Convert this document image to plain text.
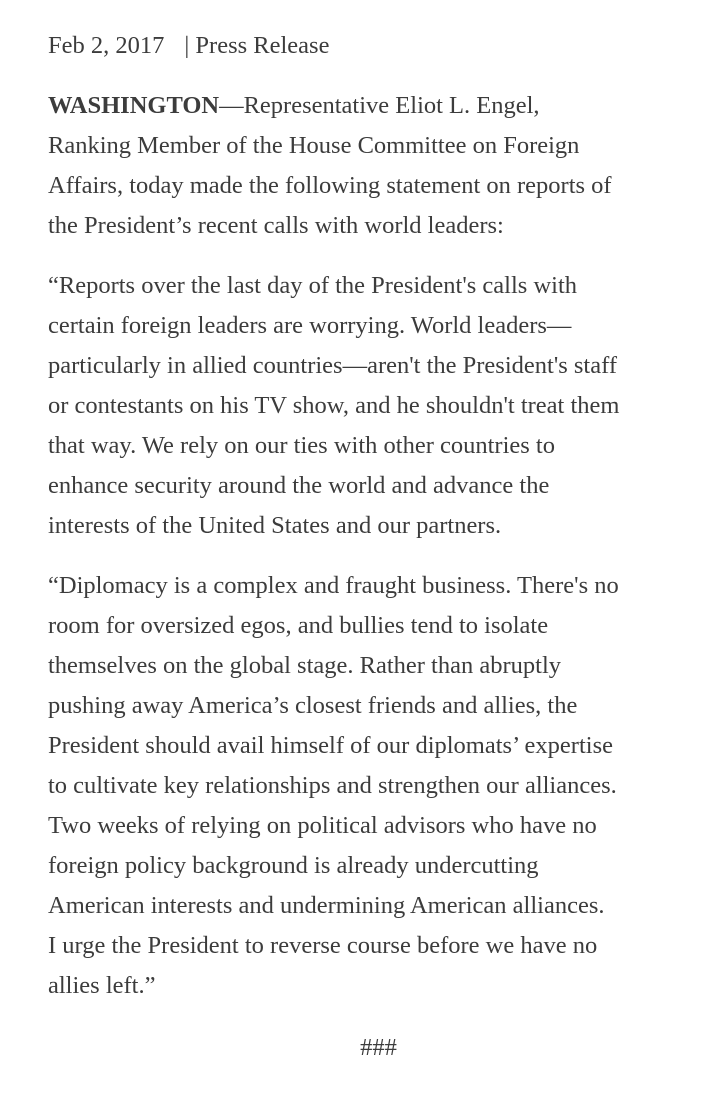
Feb 2, 2017 | Press Release

WASHINGTON—Representative Eliot L. Engel,
Ranking Member of the House Committee on Foreign
Affairs, today made the following statement on reports of
the President’s recent calls with world leaders:

“Reports over the last day of the President's calls with
certain foreign leaders are worrying. World leaders—
particularly in allied countries—aren't the President's staff
or contestants on his TV show, and he shouldn't treat them
that way. We rely on our ties with other countries to
enhance security around the world and advance the
interests of the United States and our partners.

“Diplomacy is a complex and fraught business. There's no
room for oversized egos, and bullies tend to isolate
themselves on the global stage. Rather than abruptly
pushing away America’s closest friends and allies, the
President should avail himself of our diplomats’ expertise
to cultivate key relationships and strengthen our alliances.
Two weeks of relying on political advisors who have no
foreign policy background is already undercutting
American interests and undermining American alliances.
I urge the President to reverse course before we have no
allies left.”

###
